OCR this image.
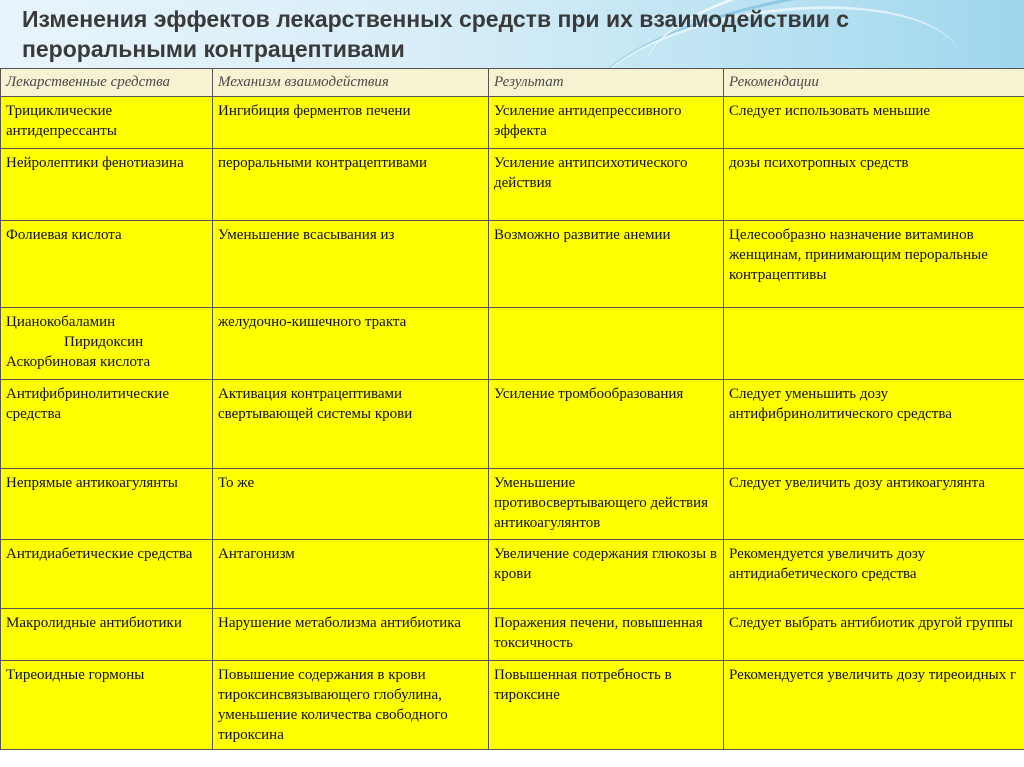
Изменения эффектов лекарственных средств при их взаимодействии с пероральными контрацептивами
Лекарственные средства	Механизм взаимодействия	Результат	Рекомендации
Трициклические антидепрессанты	Ингибиция ферментов печени	Усиление антидепрессивного эффекта	Следует использовать меньшие
Нейролептики фенотиазина	пероральными контрацептивами	Усиление антипсихотического действия	дозы психотропных средств
Фолиевая кислота	Уменьшение всасывания из	Возможно развитие анемии	Целесообразно назначение витаминов женщинам, принимающим пероральные контрацептивы

Цианокобаламин
Пиридоксин
Аскорбиновая кислота	желудочно-кишечного тракта		
Антифибринолитические средства	Активация контрацептивами свертывающей системы крови	Усиление тромбообразования	Следует уменьшить дозу антифибринолитического средства
Непрямые антикоагулянты	То же	Уменьшение противосвертывающего действия антикоагулянтов	Следует увеличить дозу антикоагулянта
Антидиабетические средства	Антагонизм	Увеличение содержания глюкозы в крови	Рекомендуется увеличить дозу антидиабетического средства
Макролидные антибиотики	Нарушение метаболизма антибиотика	Поражения печени, повышенная токсичность	Следует выбрать антибиотик другой группы
Тиреоидные гормоны	Повышение содержания в крови тироксинсвязывающего глобулина, уменьшение количества свободного тироксина	Повышенная потребность в тироксине	Рекомендуется увеличить дозу тиреоидных г
